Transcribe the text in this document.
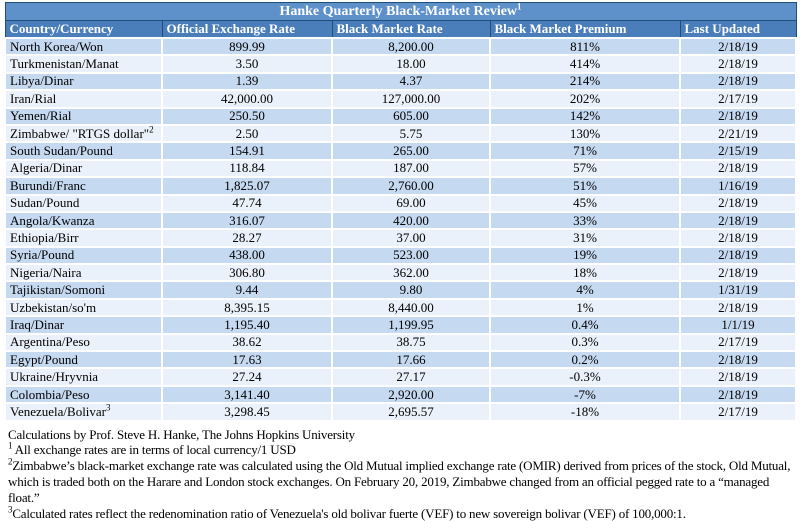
Hanke Quarterly Black-Market Review$^1$
Country/Currency	Official Exchange Rate	Black Market Rate	Black Market Premium	Last Updated
North Korea/Won	899.99	8,200.00	811%	2/18/19
Turkmenistan/Manat	3.50	18.00	414%	2/18/19
Libya/Dinar	1.39	4.37	214%	2/18/19
Iran/Rial	42,000.00	127,000.00	202%	2/17/19
Yemen/Rial	250.50	605.00	142%	2/18/19
Zimbabwe/ "RTGS dollar"$^2$	2.50	5.75	130%	2/21/19
South Sudan/Pound	154.91	265.00	71%	2/15/19
Algeria/Dinar	118.84	187.00	57%	2/18/19
Burundi/Franc	1,825.07	2,760.00	51%	1/16/19
Sudan/Pound	47.74	69.00	45%	2/18/19
Angola/Kwanza	316.07	420.00	33%	2/18/19
Ethiopia/Birr	28.27	37.00	31%	2/18/19
Syria/Pound	438.00	523.00	19%	2/18/19
Nigeria/Naira	306.80	362.00	18%	2/18/19
Tajikistan/Somoni	9.44	9.80	4%	1/31/19
Uzbekistan/so'm	8,395.15	8,440.00	1%	2/18/19
Iraq/Dinar	1,195.40	1,199.95	0.4%	1/1/19
Argentina/Peso	38.62	38.75	0.3%	2/17/19
Egypt/Pound	17.63	17.66	0.2%	2/18/19
Ukraine/Hryvnia	27.24	27.17	-0.3%	2/18/19
Colombia/Peso	3,141.40	2,920.00	-7%	2/18/19
Venezuela/Bolivar$^3$	3,298.45	2,695.57	-18%	2/17/19

Calculations by Prof. Steve H. Hanke, The Johns Hopkins University

$^1$ All exchange rates are in terms of local currency/1 USD

$^2$Zimbabwe’s black-market exchange rate was calculated using the Old Mutual implied exchange rate (OMIR) derived from prices of the stock, Old Mutual, which is traded both on the Harare and London stock exchanges. On February 20, 2019, Zimbabwe changed from an official pegged rate to a “managed float.”

$^3$Calculated rates reflect the redenomination ratio of Venezuela's old bolivar fuerte (VEF) to new sovereign bolivar (VEF) of 100,000:1.
